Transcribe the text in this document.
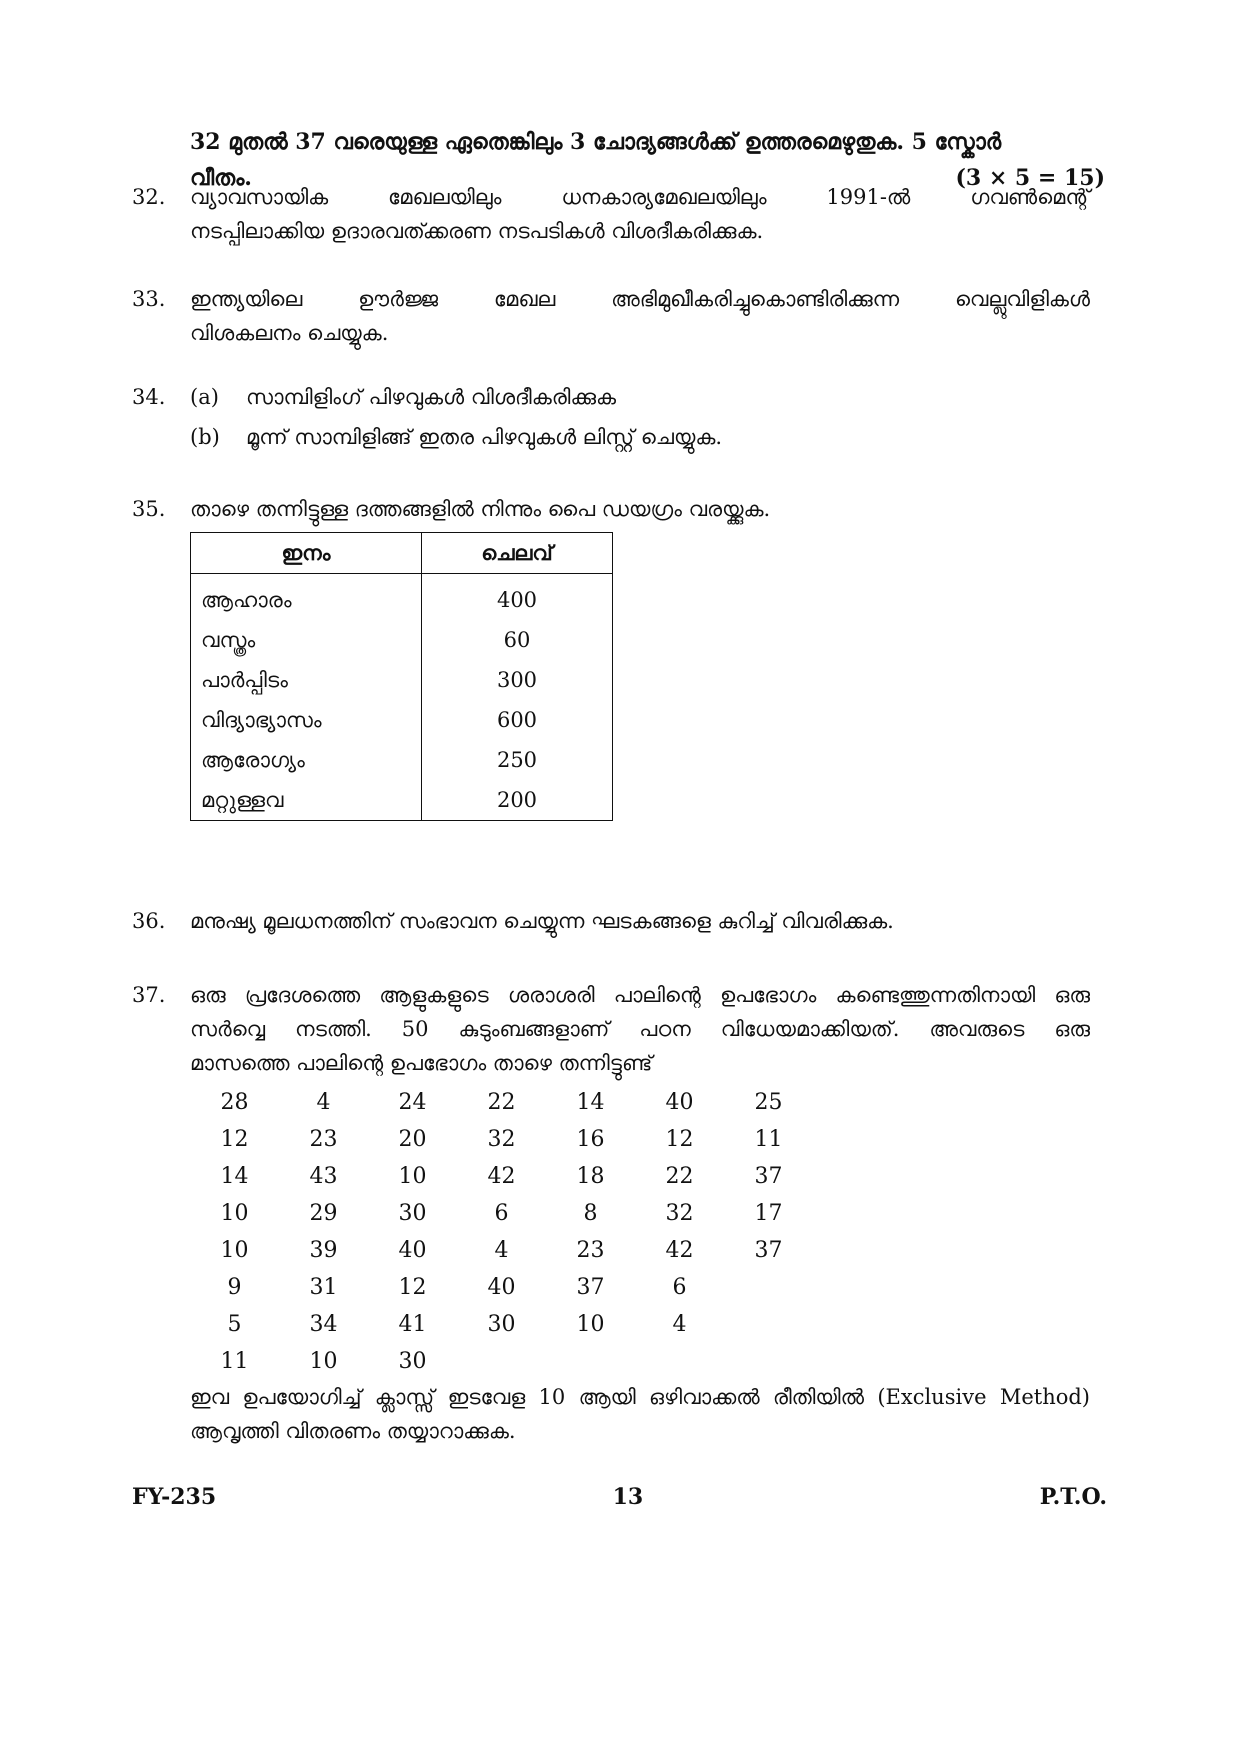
32 മുതൽ 37 വരെയുള്ള ഏതെങ്കിലും 3 ചോദ്യങ്ങൾക്ക് ഉത്തരമെഴുതുക. 5 സ്കോർ
വീതം.	(3 × 5 = 15)
32.	വ്യാവസായിക മേഖലയിലും ധനകാര്യമേഖലയിലും 1991-ൽ ഗവൺമെന്റ്
നടപ്പിലാക്കിയ ഉദാരവത്ക്കരണ നടപടികൾ വിശദീകരിക്കുക.
33.	ഇന്ത്യയിലെ ഊർജ്ജ മേഖല അഭിമുഖീകരിച്ചുകൊണ്ടിരിക്കുന്ന വെല്ലുവിളികൾ
വിശകലനം ചെയ്യുക.
34.	(a)	സാമ്പിളിംഗ് പിഴവുകൾ വിശദീകരിക്കുക
(b)	മൂന്ന് സാമ്പിളിങ്ങ് ഇതര പിഴവുകൾ ലിസ്റ്റ് ചെയ്യുക.
35.	താഴെ തന്നിട്ടുള്ള ദത്തങ്ങളിൽ നിന്നും പൈ ഡയഗ്രം വരയ്ക്കുക.
ഇനം	ചെലവ്
ആഹാരം	400
വസ്ത്രം	60
പാർപ്പിടം	300
വിദ്യാഭ്യാസം	600
ആരോഗ്യം	250
മറ്റുള്ളവ	200
36.	മനുഷ്യ മൂലധനത്തിന് സംഭാവന ചെയ്യുന്ന ഘടകങ്ങളെ കുറിച്ച് വിവരിക്കുക.
37.	ഒരു പ്രദേശത്തെ ആളുകളുടെ ശരാശരി പാലിന്റെ ഉപഭോഗം കണ്ടെത്തുന്നതിനായി ഒരു
സർവ്വെ നടത്തി. 50 കുടുംബങ്ങളാണ് പഠന വിധേയമാക്കിയത്. അവരുടെ ഒരു
മാസത്തെ പാലിന്റെ ഉപഭോഗം താഴെ തന്നിട്ടുണ്ട്
28	4	24	22	14	40	25
12	23	20	32	16	12	11
14	43	10	42	18	22	37
10	29	30	6	8	32	17
10	39	40	4	23	42	37
9	31	12	40	37	6
5	34	41	30	10	4
11	10	30
ഇവ ഉപയോഗിച്ച് ക്ലാസ്സ് ഇടവേള 10 ആയി ഒഴിവാക്കൽ രീതിയിൽ (Exclusive Method)
ആവൃത്തി വിതരണം തയ്യാറാക്കുക.
FY-235	13	P.T.O.
